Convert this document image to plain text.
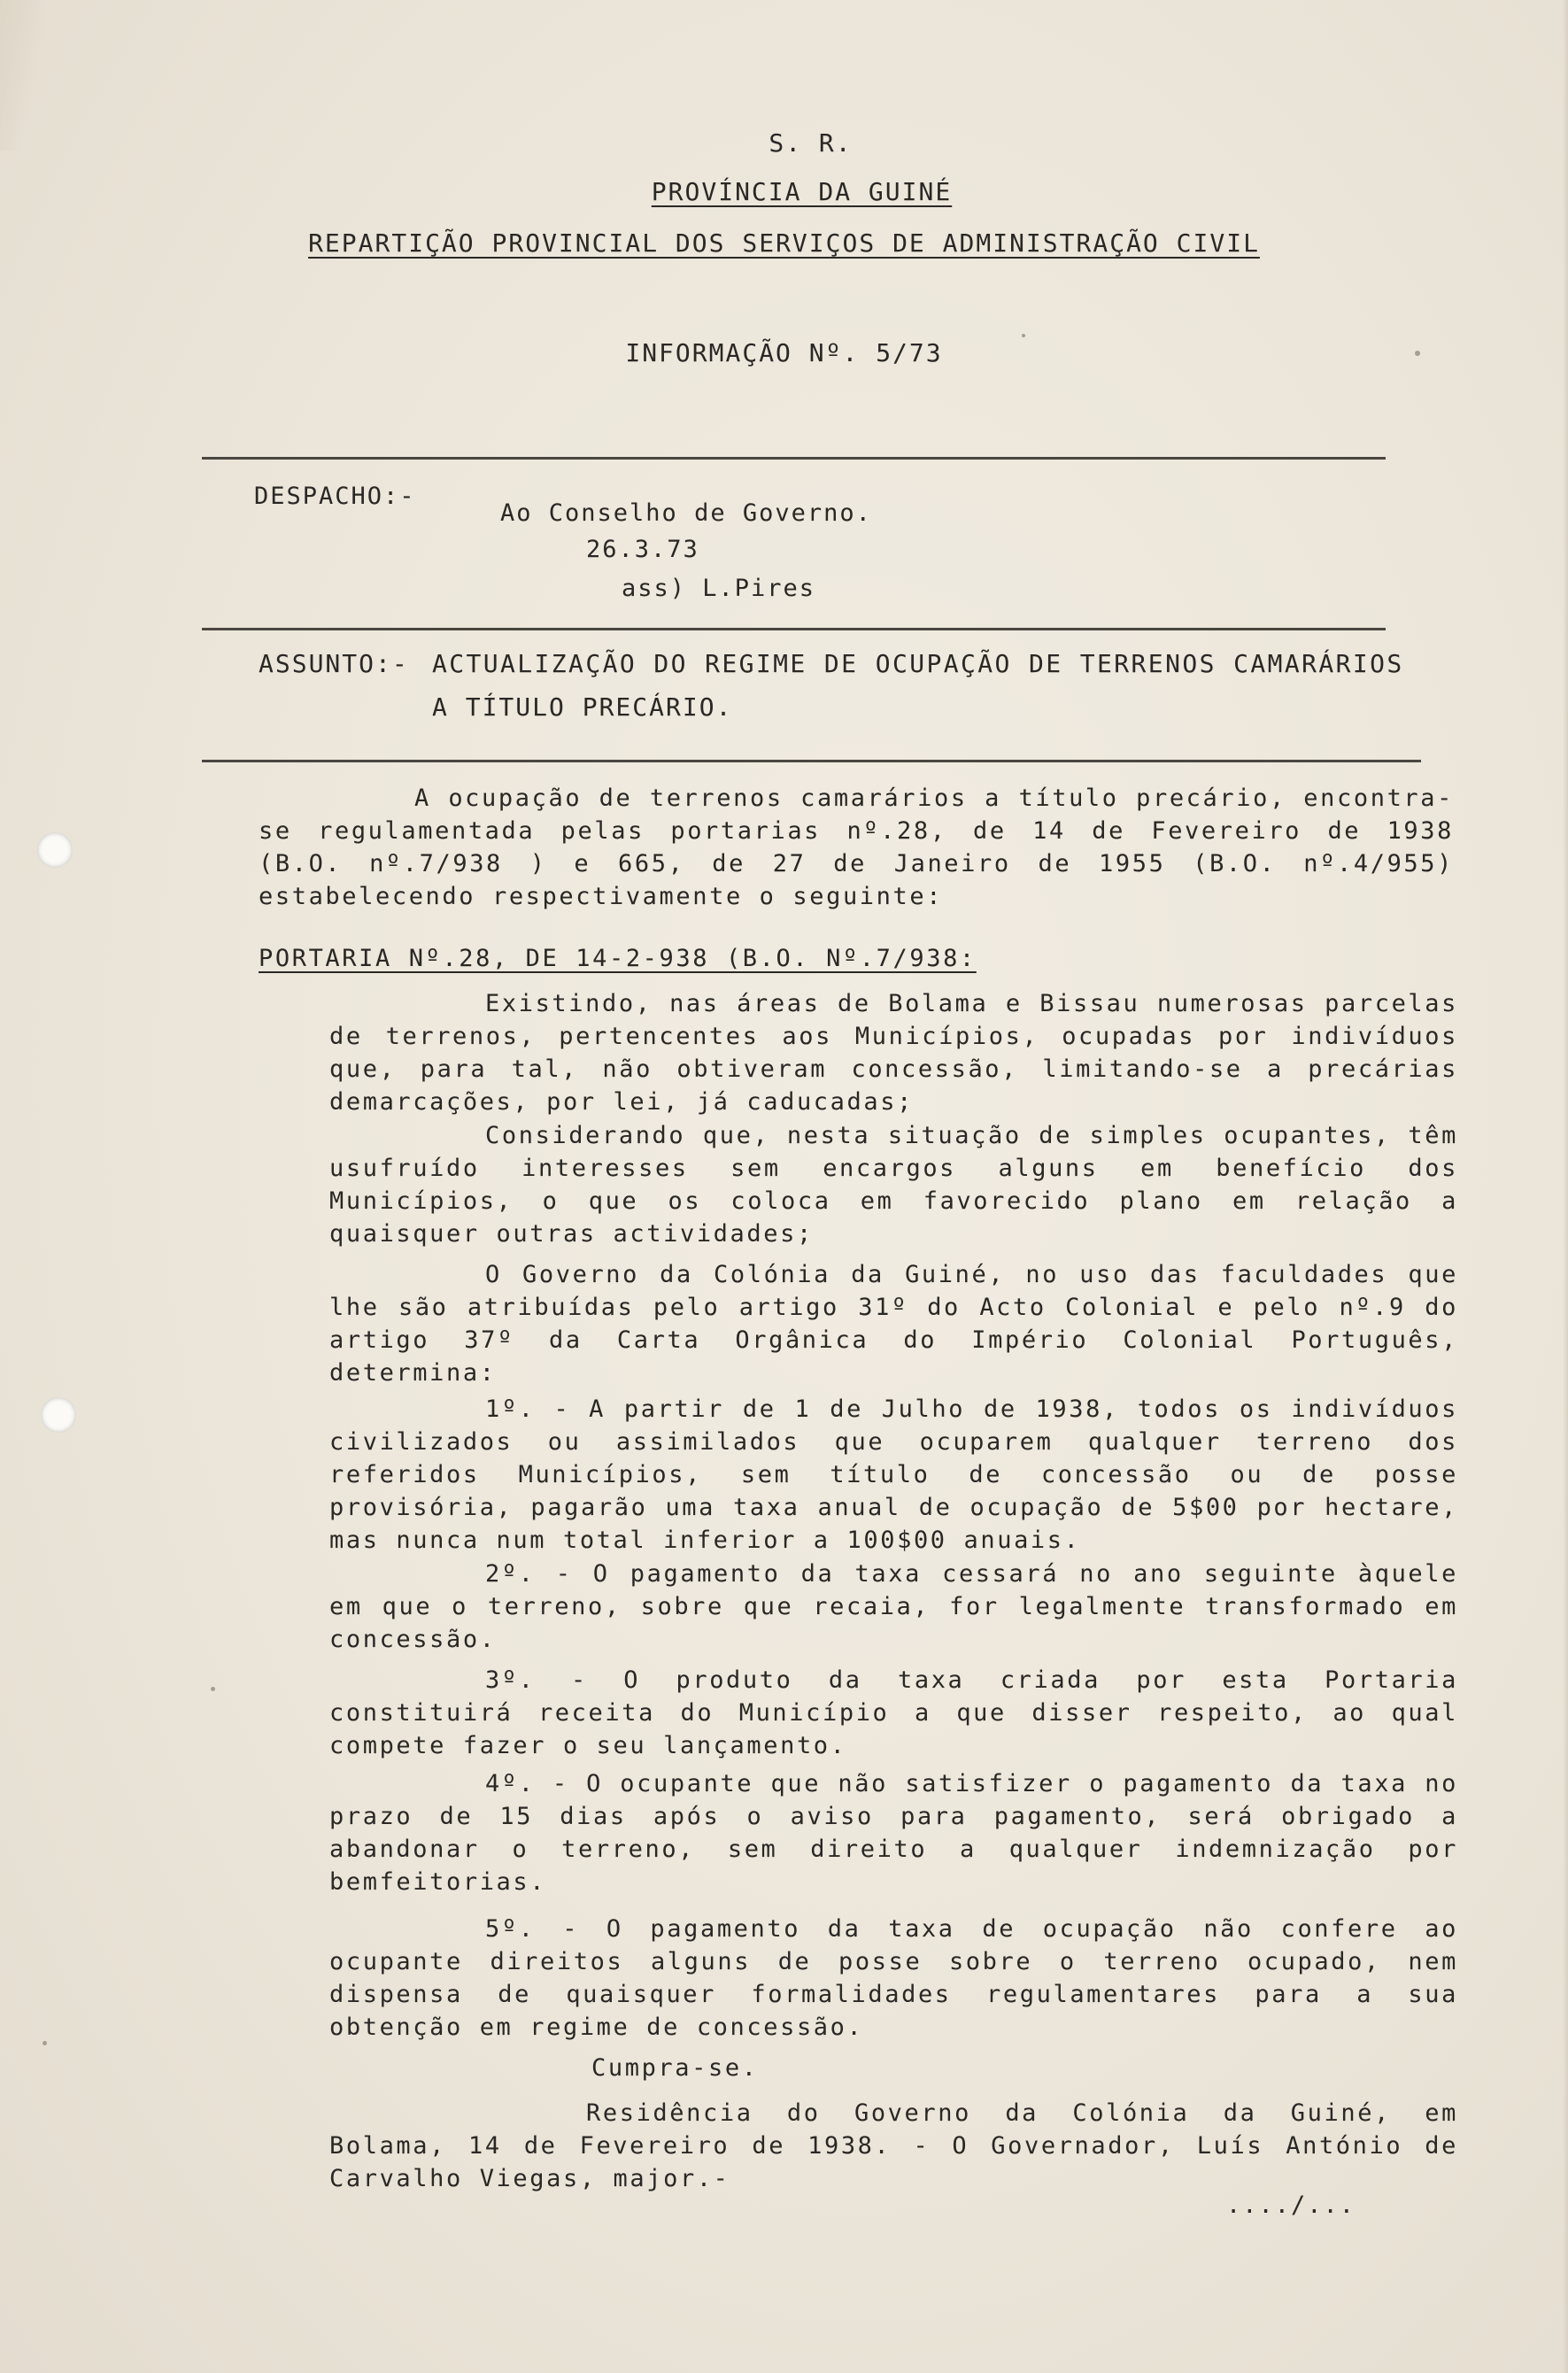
S. R.
PROVÍNCIA DA GUINÉ
REPARTIÇÃO PROVINCIAL DOS SERVIÇOS DE ADMINISTRAÇÃO CIVIL
INFORMAÇÃO Nº. 5/73
DESPACHO:-
Ao Conselho de Governo.
26.3.73
ass) L.Pires
ASSUNTO:- ACTUALIZAÇÃO DO REGIME DE OCUPAÇÃO DE TERRENOS CAMARÁRIOS
A TÍTULO PRECÁRIO.

A ocupação de terrenos camarários a título precário, encontra-se regulamentada pelas portarias nº.28, de 14 de Fevereiro de 1938 (B.O. nº.7/938 ) e 665, de 27 de Janeiro de 1955 (B.O. nº.4/955) estabelecendo respectivamente o seguinte:

PORTARIA Nº.28, DE 14-2-938 (B.O. Nº.7/938:

Existindo, nas áreas de Bolama e Bissau numerosas parcelas de terrenos, pertencentes aos Municípios, ocupadas por indivíduos que, para tal, não obtiveram concessão, limitando-se a precárias demarcações, por lei, já caducadas;

Considerando que, nesta situação de simples ocupantes, têm usufruído interesses sem encargos alguns em benefício dos Municípios, o que os coloca em favorecido plano em relação a quaisquer outras actividades;

O Governo da Colónia da Guiné, no uso das faculdades que lhe são atribuídas pelo artigo 31º do Acto Colonial e pelo nº.9 do artigo 37º da Carta Orgânica do Império Colonial Português, determina:

1º. - A partir de 1 de Julho de 1938, todos os indivíduos civilizados ou assimilados que ocuparem qualquer terreno dos referidos Municípios, sem título de concessão ou de posse provisória, pagarão uma taxa anual de ocupação de 5$00 por hectare, mas nunca num total inferior a 100$00 anuais.

2º. - O pagamento da taxa cessará no ano seguinte àquele em que o terreno, sobre que recaia, for legalmente transformado em concessão.

3º. - O produto da taxa criada por esta Portaria constituirá receita do Município a que disser respeito, ao qual compete fazer o seu lançamento.

4º. - O ocupante que não satisfizer o pagamento da taxa no prazo de 15 dias após o aviso para pagamento, será obrigado a abandonar o terreno, sem direito a qualquer indemnização por bemfeitorias.

5º. - O pagamento da taxa de ocupação não confere ao ocupante direitos alguns de posse sobre o terreno ocupado, nem dispensa de quaisquer formalidades regulamentares para a sua obtenção em regime de concessão.

Cumpra-se.

Residência do Governo da Colónia da Guiné, em Bolama, 14 de Fevereiro de 1938. - O Governador, Luís António de Carvalho Viegas, major.-

..../...
